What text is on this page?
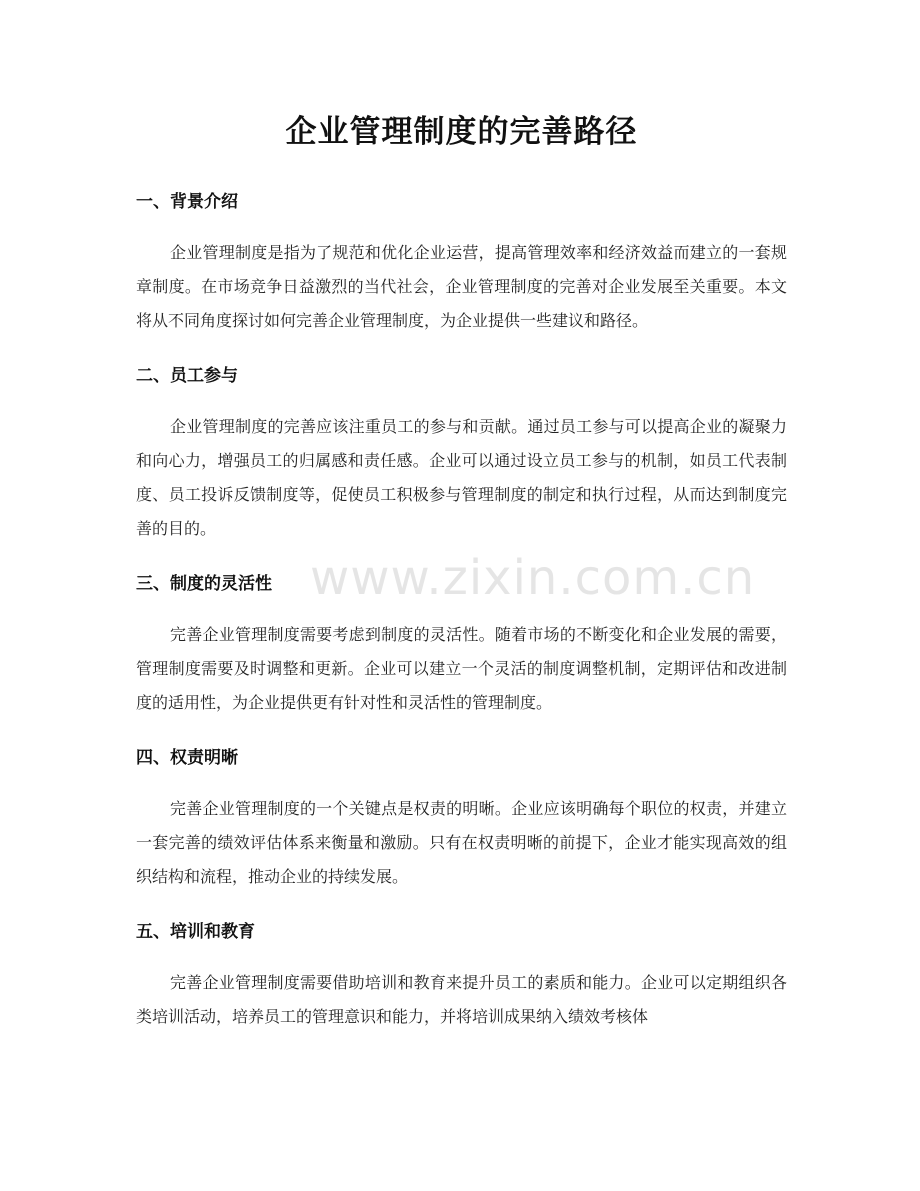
企业管理制度的完善路径
一、背景介绍

企业管理制度是指为了规范和优化企业运营，提高管理效率和经济效益而建立的一套规章制度。在市场竞争日益激烈的当代社会，企业管理制度的完善对企业发展至关重要。本文将从不同角度探讨如何完善企业管理制度，为企业提供一些建议和路径。

二、员工参与

企业管理制度的完善应该注重员工的参与和贡献。通过员工参与可以提高企业的凝聚力和向心力，增强员工的归属感和责任感。企业可以通过设立员工参与的机制，如员工代表制度、员工投诉反馈制度等，促使员工积极参与管理制度的制定和执行过程，从而达到制度完善的目的。

三、制度的灵活性

完善企业管理制度需要考虑到制度的灵活性。随着市场的不断变化和企业发展的需要，管理制度需要及时调整和更新。企业可以建立一个灵活的制度调整机制，定期评估和改进制度的适用性，为企业提供更有针对性和灵活性的管理制度。

四、权责明晰

完善企业管理制度的一个关键点是权责的明晰。企业应该明确每个职位的权责，并建立一套完善的绩效评估体系来衡量和激励。只有在权责明晰的前提下，企业才能实现高效的组织结构和流程，推动企业的持续发展。

五、培训和教育

完善企业管理制度需要借助培训和教育来提升员工的素质和能力。企业可以定期组织各类培训活动，培养员工的管理意识和能力，并将培训成果纳入绩效考核体

www.zixin.com.cn
